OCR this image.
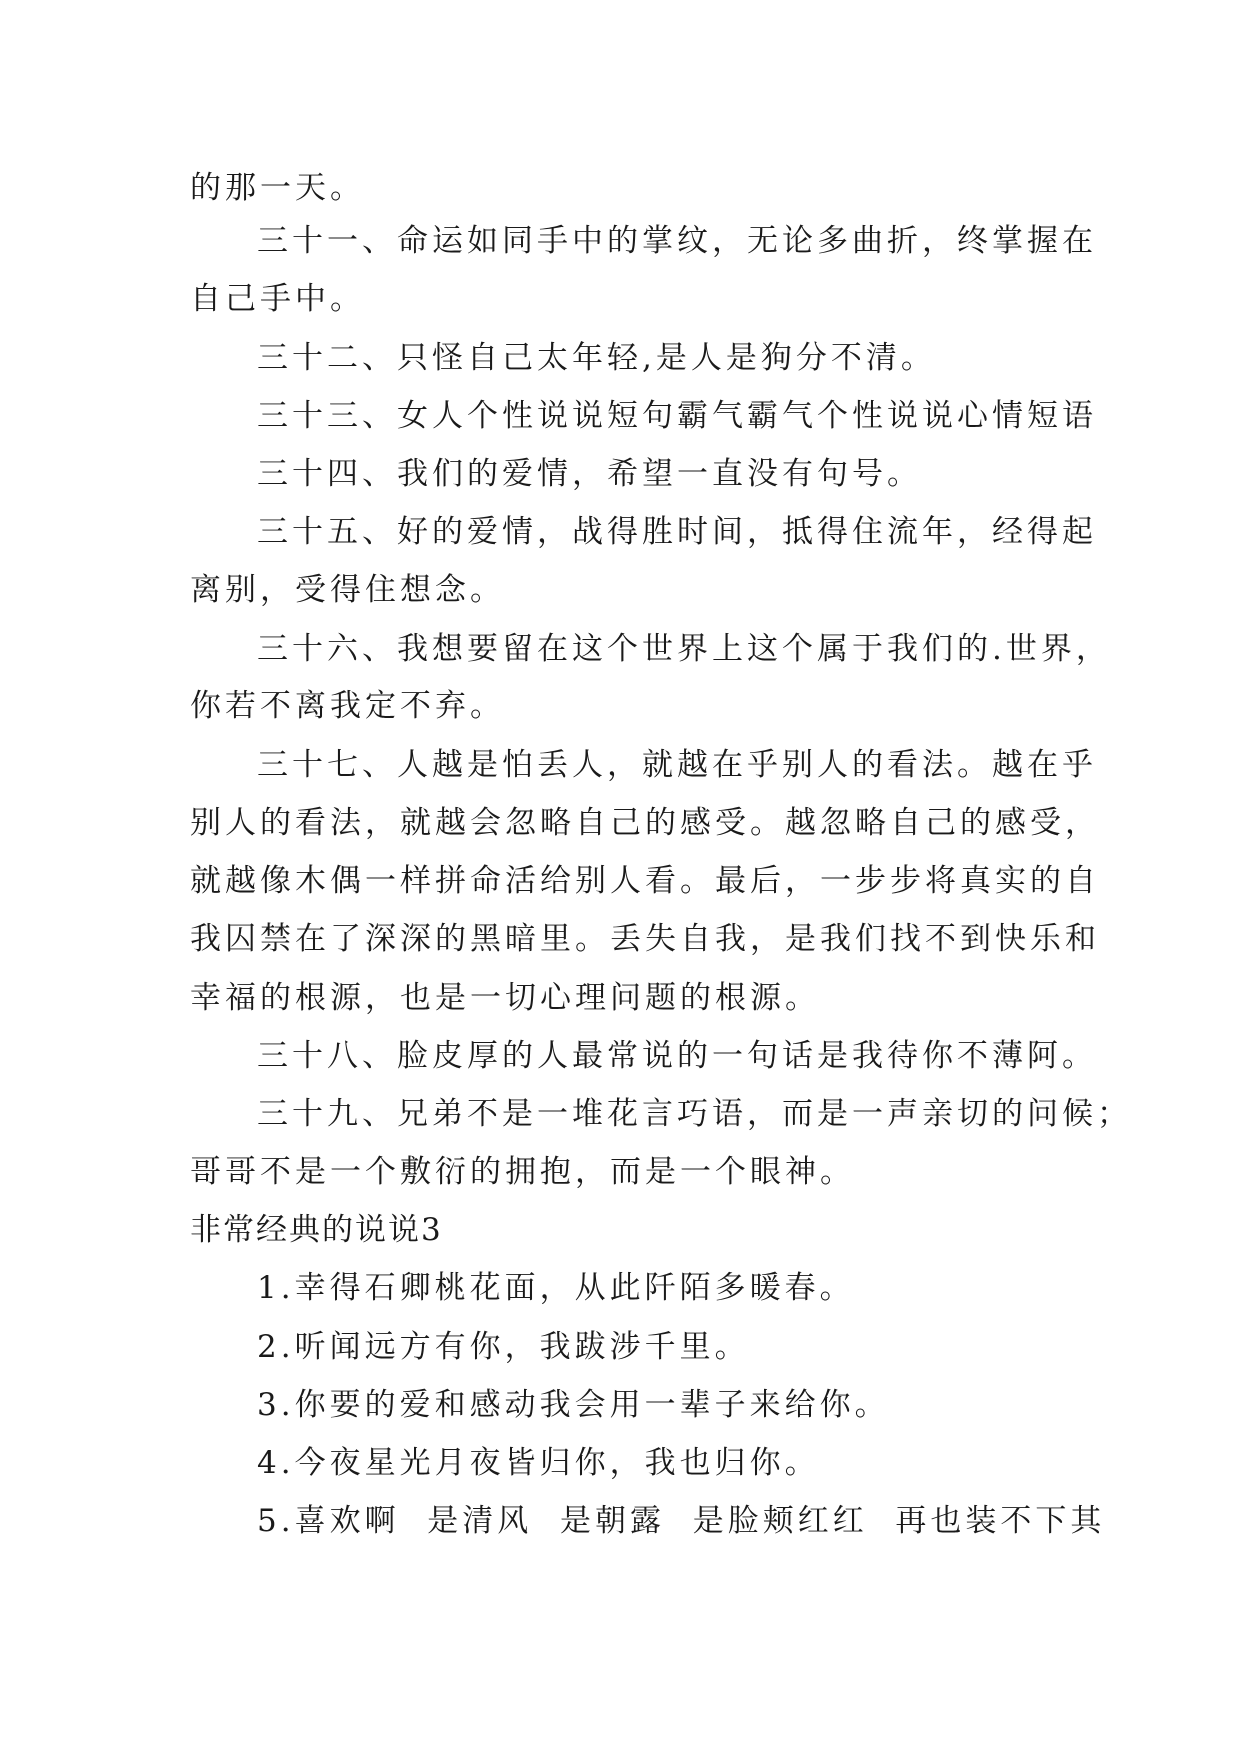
的那一天。
三十一、命运如同手中的掌纹，无论多曲折，终掌握在
自己手中。
三十二、只怪自己太年轻,是人是狗分不清。
三十三、女人个性说说短句霸气霸气个性说说心情短语
三十四、我们的爱情，希望一直没有句号。
三十五、好的爱情，战得胜时间，抵得住流年，经得起
离别，受得住想念。
三十六、我想要留在这个世界上这个属于我们的.世界，
你若不离我定不弃。
三十七、人越是怕丢人，就越在乎别人的看法。越在乎
别人的看法，就越会忽略自己的感受。越忽略自己的感受，
就越像木偶一样拼命活给别人看。最后，一步步将真实的自
我囚禁在了深深的黑暗里。丢失自我，是我们找不到快乐和
幸福的根源，也是一切心理问题的根源。
三十八、脸皮厚的人最常说的一句话是我待你不薄阿。
三十九、兄弟不是一堆花言巧语，而是一声亲切的问候；
哥哥不是一个敷衍的拥抱，而是一个眼神。
非常经典的说说3
1.幸得石卿桃花面，从此阡陌多暖春。
2.听闻远方有你，我跋涉千里。
3.你要的爱和感动我会用一辈子来给你。
4.今夜星光月夜皆归你，我也归你。
5.喜欢啊  是清风  是朝露  是脸颊红红  再也装不下其
